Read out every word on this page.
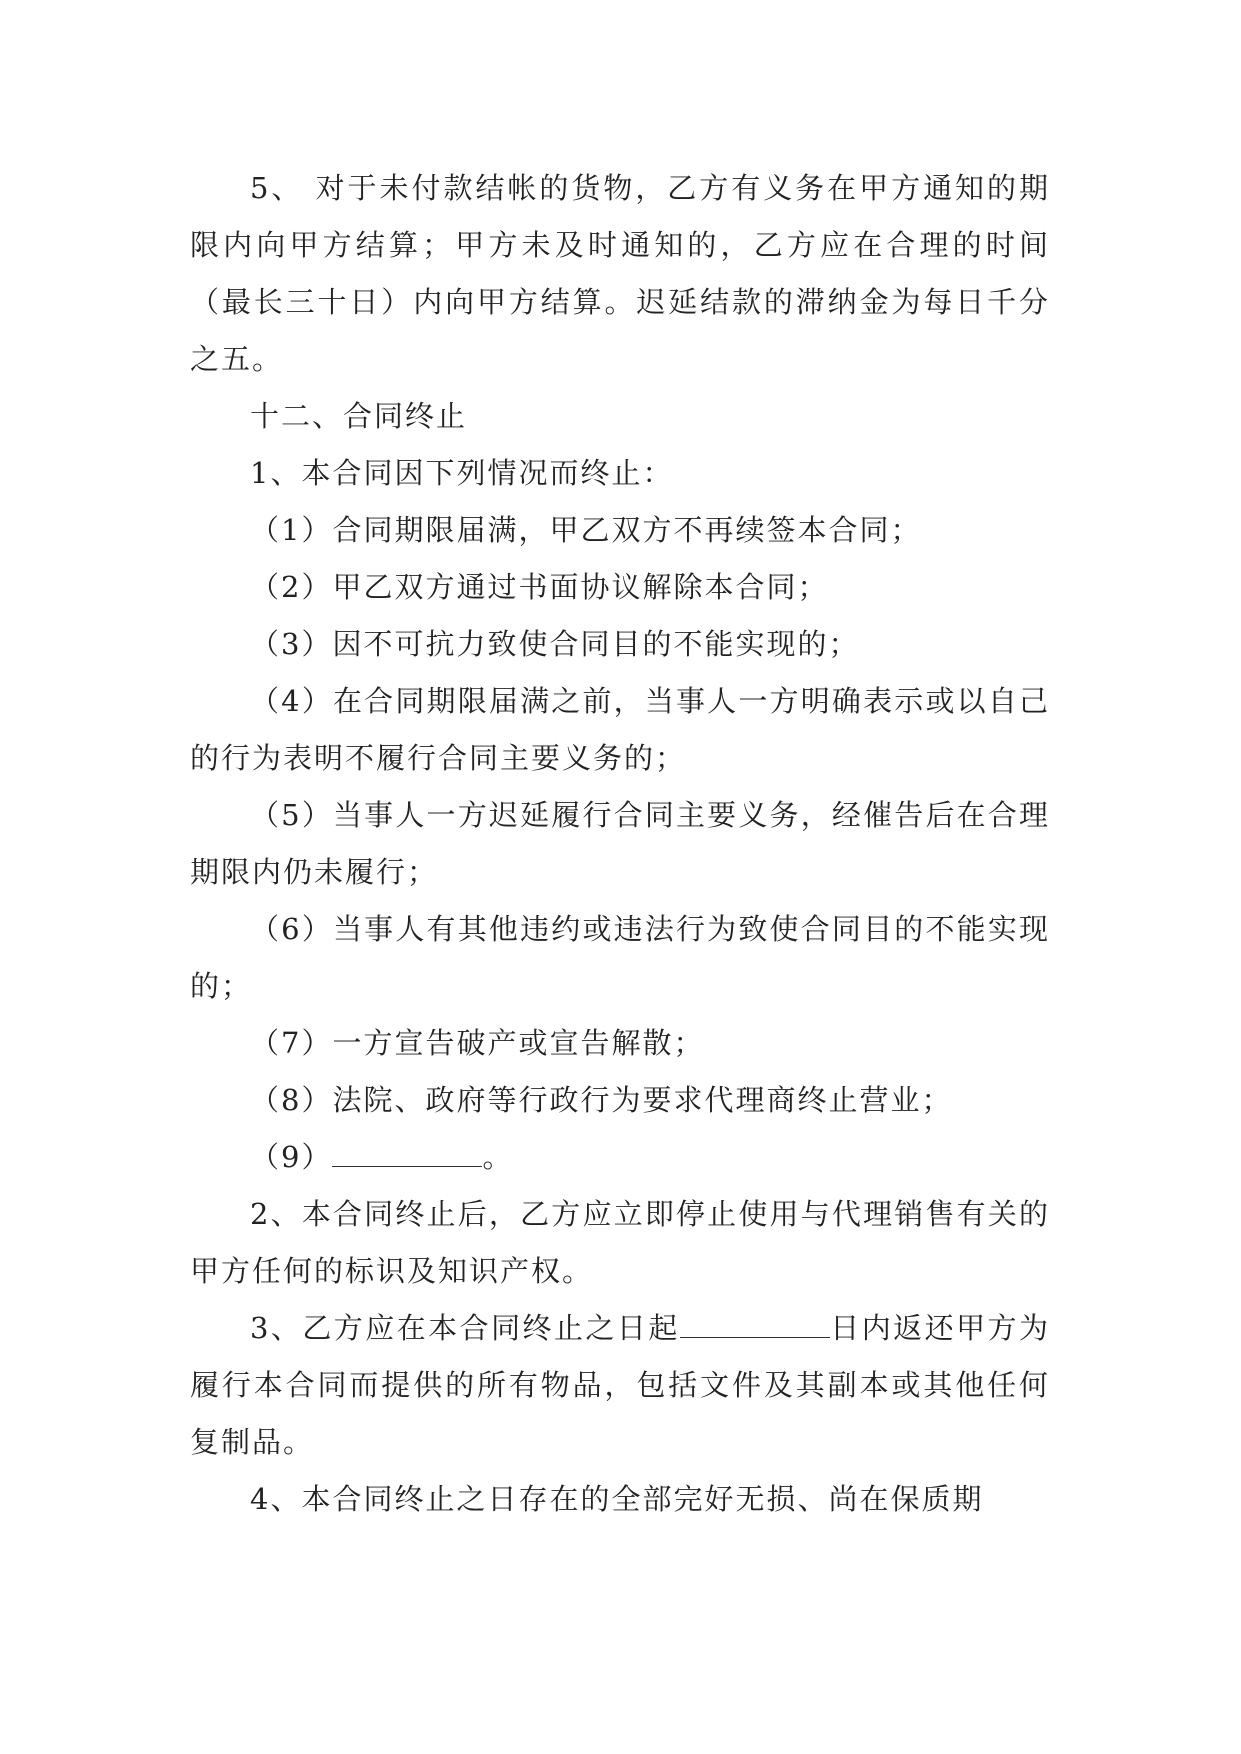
5、 对于未付款结帐的货物，乙方有义务在甲方通知的期限内向甲方结算；甲方未及时通知的，乙方应在合理的时间（最长三十日）内向甲方结算。迟延结款的滞纳金为每日千分之五。

十二、合同终止

1、本合同因下列情况而终止：

（1）合同期限届满，甲乙双方不再续签本合同；

（2）甲乙双方通过书面协议解除本合同；

（3）因不可抗力致使合同目的不能实现的；

（4）在合同期限届满之前，当事人一方明确表示或以自己的行为表明不履行合同主要义务的；

（5）当事人一方迟延履行合同主要义务，经催告后在合理期限内仍未履行；

（6）当事人有其他违约或违法行为致使合同目的不能实现的；

（7）一方宣告破产或宣告解散；

（8）法院、政府等行政行为要求代理商终止营业；

（9）	。

2、本合同终止后，乙方应立即停止使用与代理销售有关的甲方任何的标识及知识产权。

3、乙方应在本合同终止之日起	日内返还甲方为履行本合同而提供的所有物品，包括文件及其副本或其他任何复制品。

4、本合同终止之日存在的全部完好无损、尚在保质期
